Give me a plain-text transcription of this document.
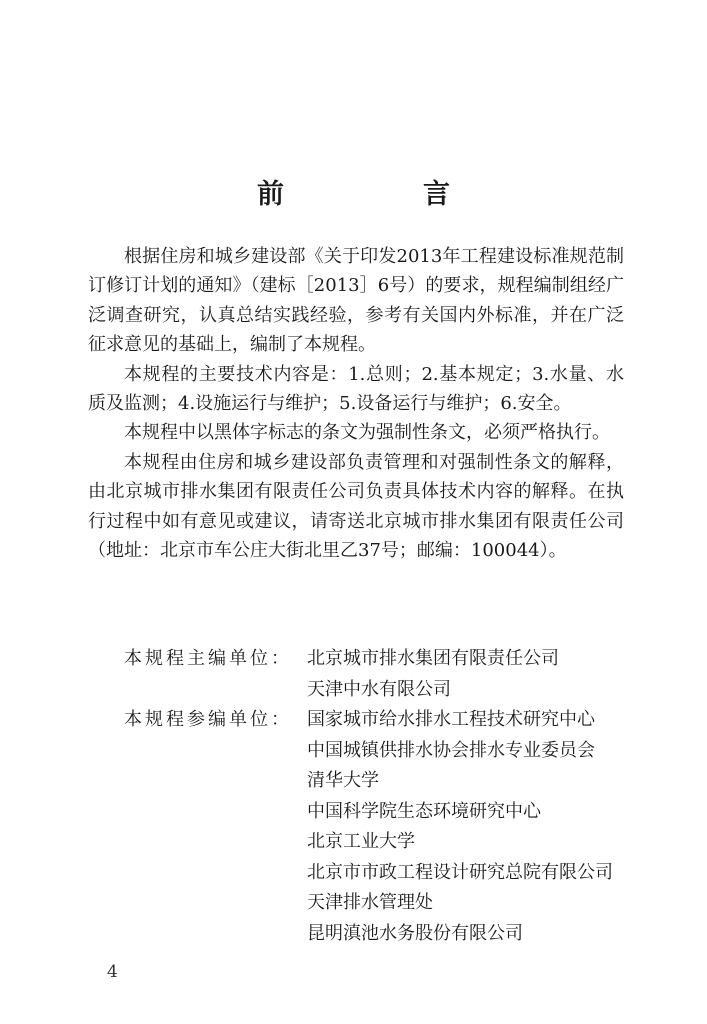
前　言

根据住房和城乡建设部《关于印发2013年工程建设标准规范制订修订计划的通知》（建标［2013］6号）的要求，规程编制组经广泛调查研究，认真总结实践经验，参考有关国内外标准，并在广泛征求意见的基础上，编制了本规程。

本规程的主要技术内容是：1.总则；2.基本规定；3.水量、水质及监测；4.设施运行与维护；5.设备运行与维护；6.安全。

本规程中以黑体字标志的条文为强制性条文，必须严格执行。

本规程由住房和城乡建设部负责管理和对强制性条文的解释，由北京城市排水集团有限责任公司负责具体技术内容的解释。在执行过程中如有意见或建议，请寄送北京城市排水集团有限责任公司（地址：北京市车公庄大街北里乙37号；邮编：100044）。

本规程主编单位： 北京城市排水集团有限责任公司
天津中水有限公司
本规程参编单位： 国家城市给水排水工程技术研究中心
中国城镇供排水协会排水专业委员会
清华大学
中国科学院生态环境研究中心
北京工业大学
北京市市政工程设计研究总院有限公司
天津排水管理处
昆明滇池水务股份有限公司
4
